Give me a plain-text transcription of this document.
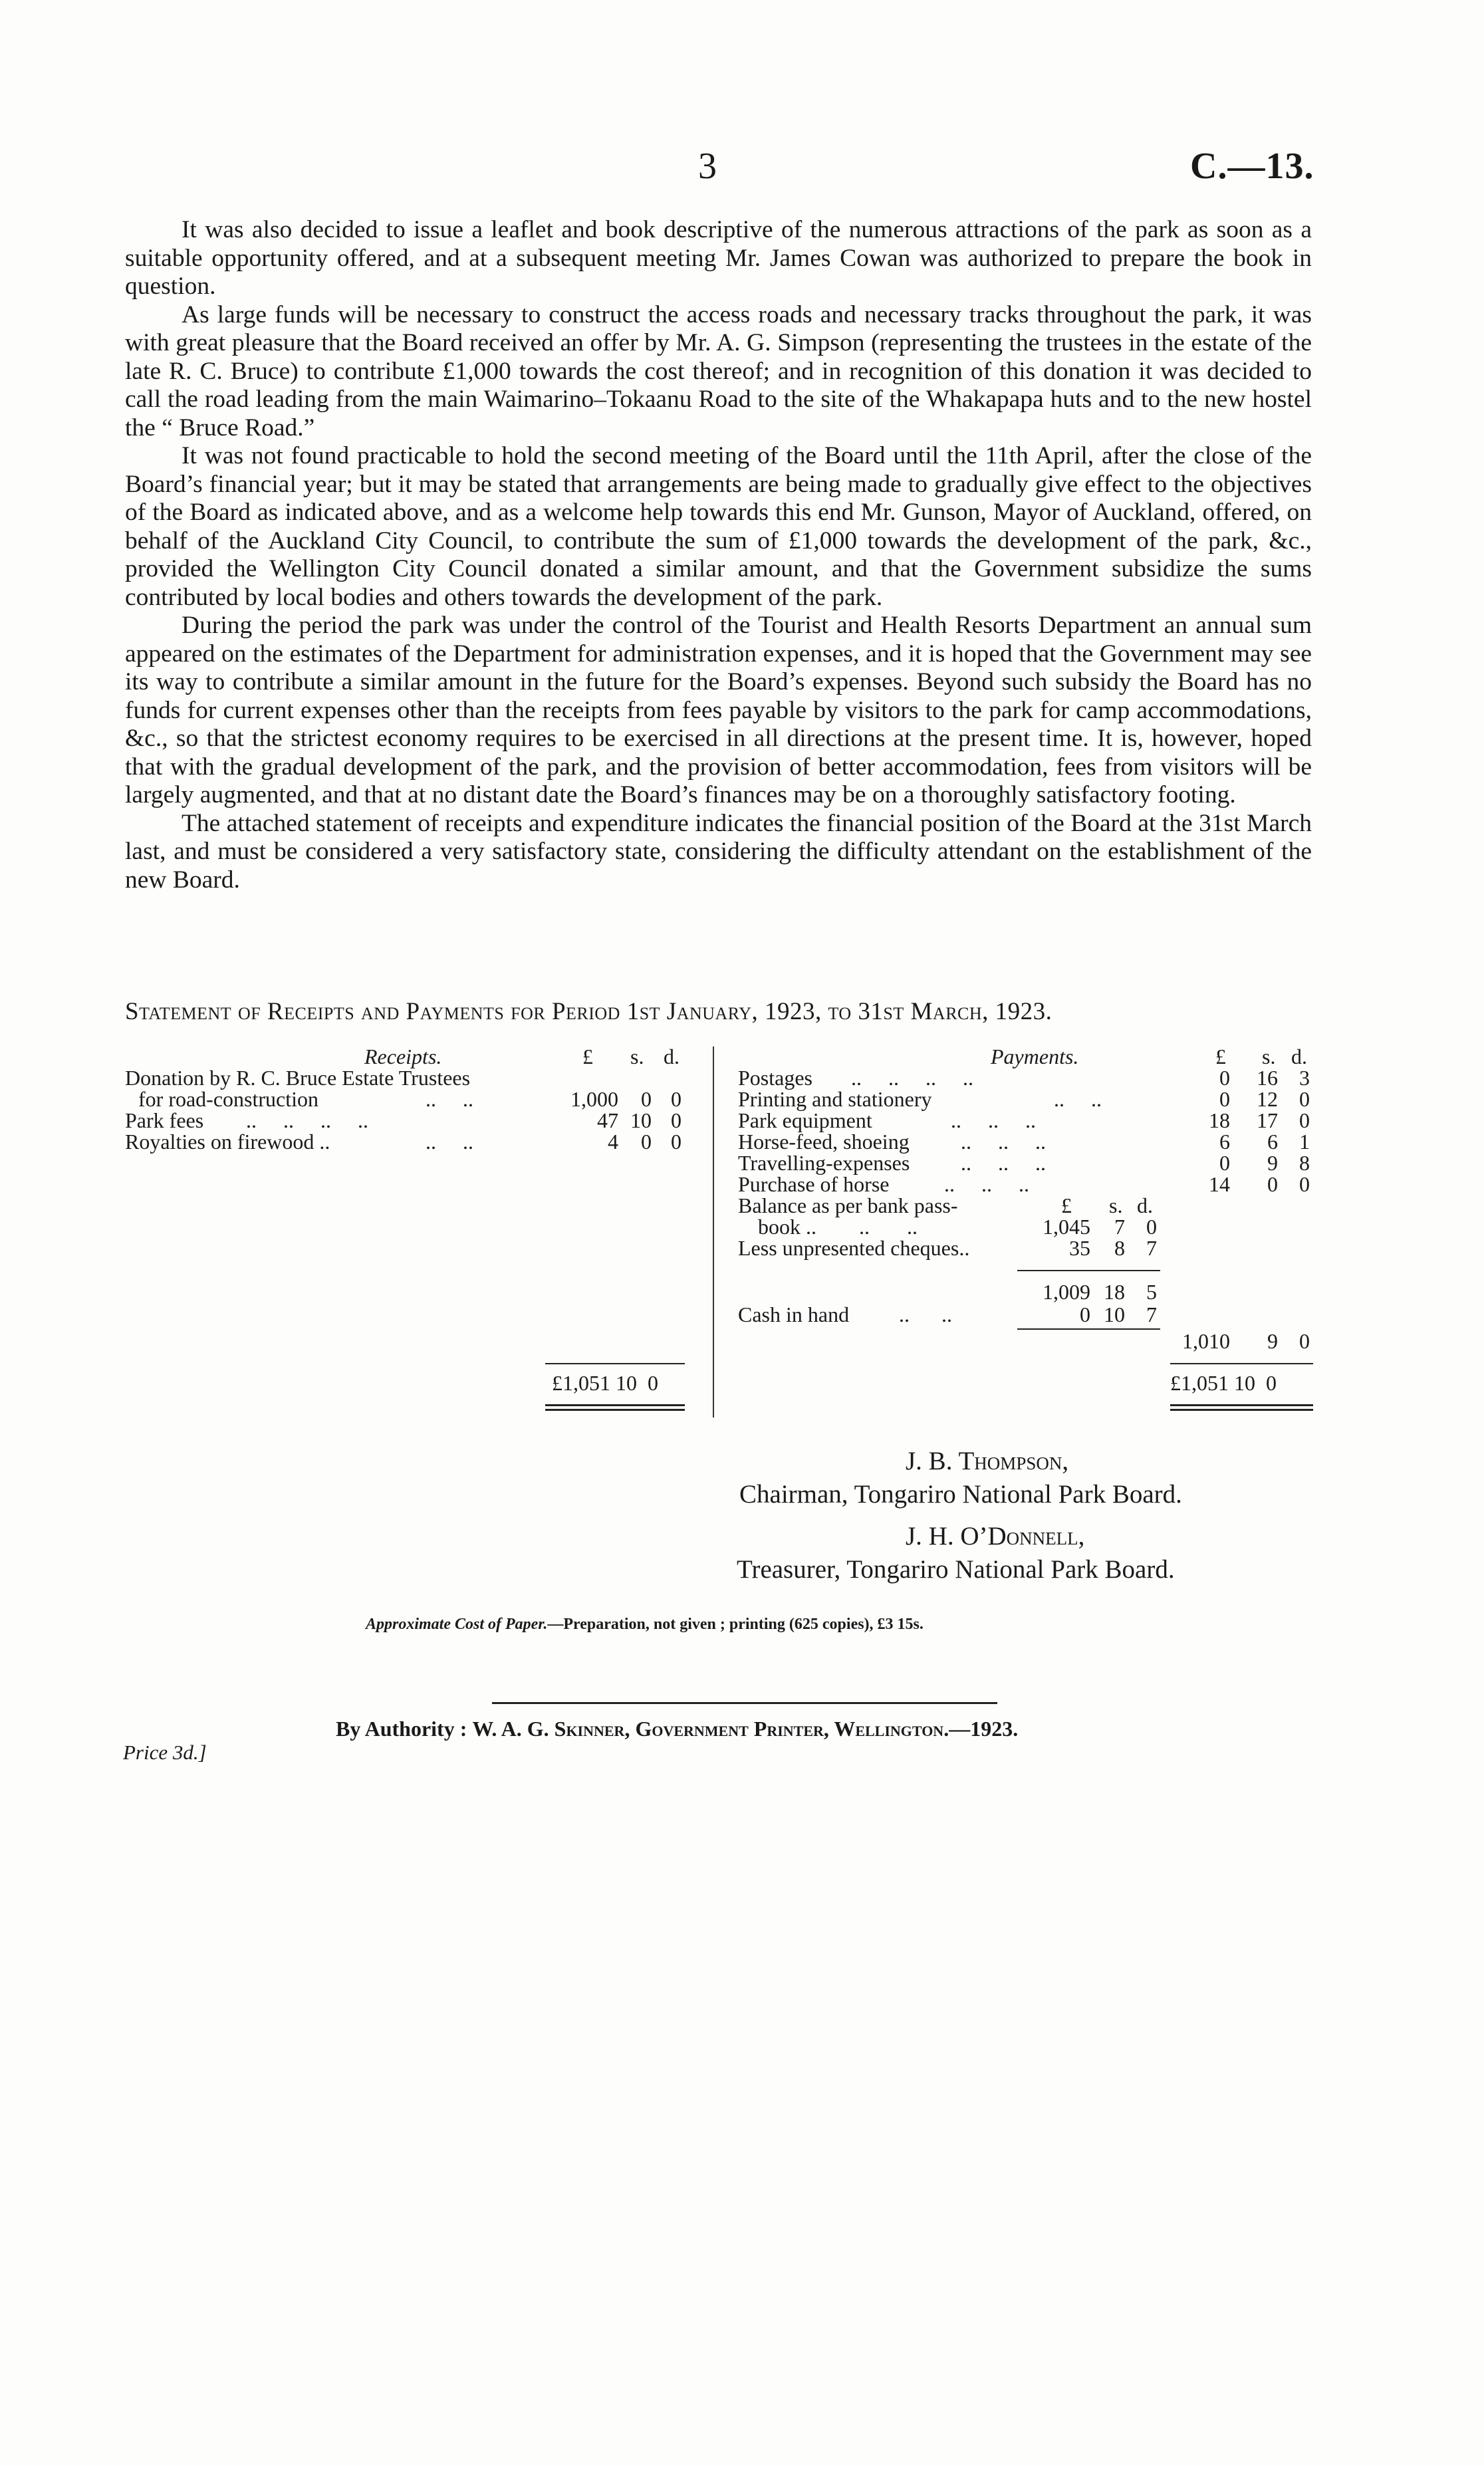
3	C.—13.

It was also decided to issue a leaflet and book descriptive of the numerous attractions of the park as soon as a suitable opportunity offered, and at a subsequent meeting Mr. James Cowan was authorized to prepare the book in question.

As large funds will be necessary to construct the access roads and necessary tracks throughout the park, it was with great pleasure that the Board received an offer by Mr. A. G. Simpson (representing the trustees in the estate of the late R. C. Bruce) to contribute £1,000 towards the cost thereof; and in recognition of this donation it was decided to call the road leading from the main Waimarino–Tokaanu Road to the site of the Whakapapa huts and to the new hostel the “ Bruce Road.”

It was not found practicable to hold the second meeting of the Board until the 11th April, after the close of the Board’s financial year; but it may be stated that arrangements are being made to gradually give effect to the objectives of the Board as indicated above, and as a welcome help towards this end Mr. Gunson, Mayor of Auckland, offered, on behalf of the Auckland City Council, to contribute the sum of £1,000 towards the development of the park, &c., provided the Wellington City Council donated a similar amount, and that the Government subsidize the sums contributed by local bodies and others towards the development of the park.

During the period the park was under the control of the Tourist and Health Resorts Department an annual sum appeared on the estimates of the Department for administration expenses, and it is hoped that the Government may see its way to contribute a similar amount in the future for the Board’s expenses. Beyond such subsidy the Board has no funds for current expenses other than the receipts from fees payable by visitors to the park for camp accommodations, &c., so that the strictest economy requires to be exercised in all directions at the present time. It is, however, hoped that with the gradual development of the park, and the provision of better accommodation, fees from visitors will be largely augmented, and that at no distant date the Board’s finances may be on a thoroughly satisfactory footing.

The attached statement of receipts and expenditure indicates the financial position of the Board at the 31st March last, and must be considered a very satisfactory state, considering the difficulty attendant on the establishment of the new Board.

Statement of Receipts and Payments for Period 1st January, 1923, to 31st March, 1923.
Receipts.	£ s. d.
Donation by R. C. Bruce Estate Trustees
for road-construction	..     ..	1,000	0 0
Park fees ..     ..     ..     ..	47 10 0
Royalties on firewood ..	..     ..	4	0 0
£1,051 10  0
Payments.	£ s. d.
Postages ..     ..     ..     ..	0	16	3
Printing and stationery	..     ..	0	12	0
Park equipment	..     ..     ..	18	17	0
Horse-feed, shoeing ..     ..     ..	6	6	1
Travelling-expenses ..     ..     ..	0	9	8
Purchase of horse	..     ..     ..	14	0	0
Balance as per bank pass-	£ s. d.
book ..        ..       ..	1,045	7	0
Less unpresented cheques..	35	8	7
1,009 18	5
Cash in hand ..      ..	0 10	7
1,010	9	0
£1,051 10  0
J. B. Thompson,
Chairman, Tongariro National Park Board.
J. H. O’Donnell,
Treasurer, Tongariro National Park Board.
Approximate Cost of Paper.—Preparation, not given ; printing (625 copies), £3 15s.
By Authority : W. A. G. Skinner, Government Printer, Wellington.—1923.
Price 3d.]
